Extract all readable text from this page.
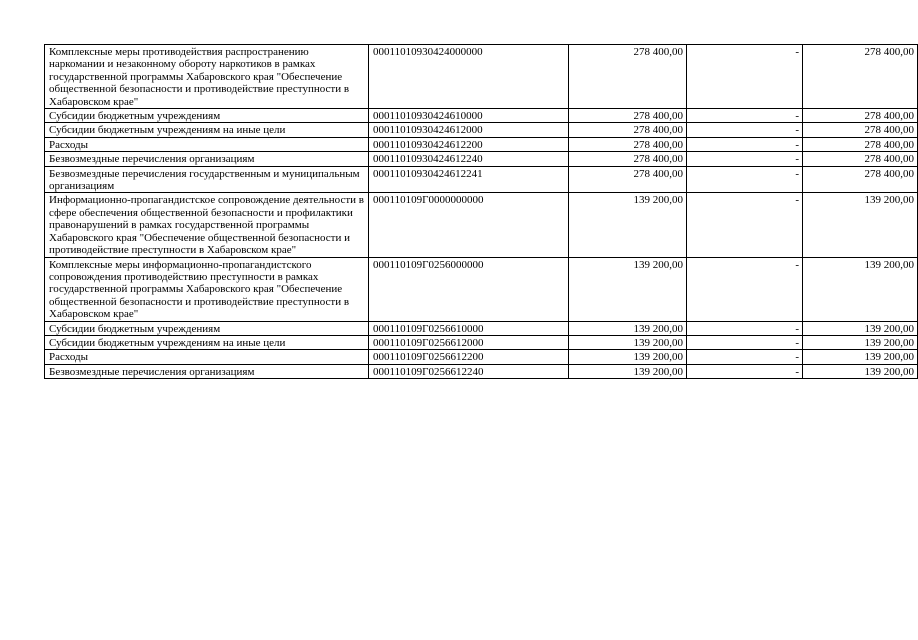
Комплексные меры противодействия распространению наркомании и незаконному обороту наркотиков в рамках государственной программы Хабаровского края "Обеспечение общественной безопасности и противодействие преступности в Хабаровском крае"	00011010930424000000	278 400,00	-	278 400,00
Субсидии бюджетным учреждениям	00011010930424610000	278 400,00	-	278 400,00
Субсидии бюджетным учреждениям на иные цели	00011010930424612000	278 400,00	-	278 400,00
Расходы	00011010930424612200	278 400,00	-	278 400,00
Безвозмездные перечисления организациям	00011010930424612240	278 400,00	-	278 400,00
Безвозмездные перечисления государственным и муниципальным организациям	00011010930424612241	278 400,00	-	278 400,00
Информационно-пропагандистское сопровождение деятельности в сфере обеспечения общественной безопасности и профилактики правонарушений в рамках государственной программы Хабаровского края "Обеспечение общественной безопасности и противодействие преступности в Хабаровском крае"	000110109Г0000000000	139 200,00	-	139 200,00
Комплексные меры информационно-пропагандистского сопровождения противодействию преступности в рамках государственной программы Хабаровского края "Обеспечение общественной безопасности и противодействие преступности в Хабаровском крае"	000110109Г0256000000	139 200,00	-	139 200,00
Субсидии бюджетным учреждениям	000110109Г0256610000	139 200,00	-	139 200,00
Субсидии бюджетным учреждениям на иные цели	000110109Г0256612000	139 200,00	-	139 200,00
Расходы	000110109Г0256612200	139 200,00	-	139 200,00
Безвозмездные перечисления организациям	000110109Г0256612240	139 200,00	-	139 200,00
